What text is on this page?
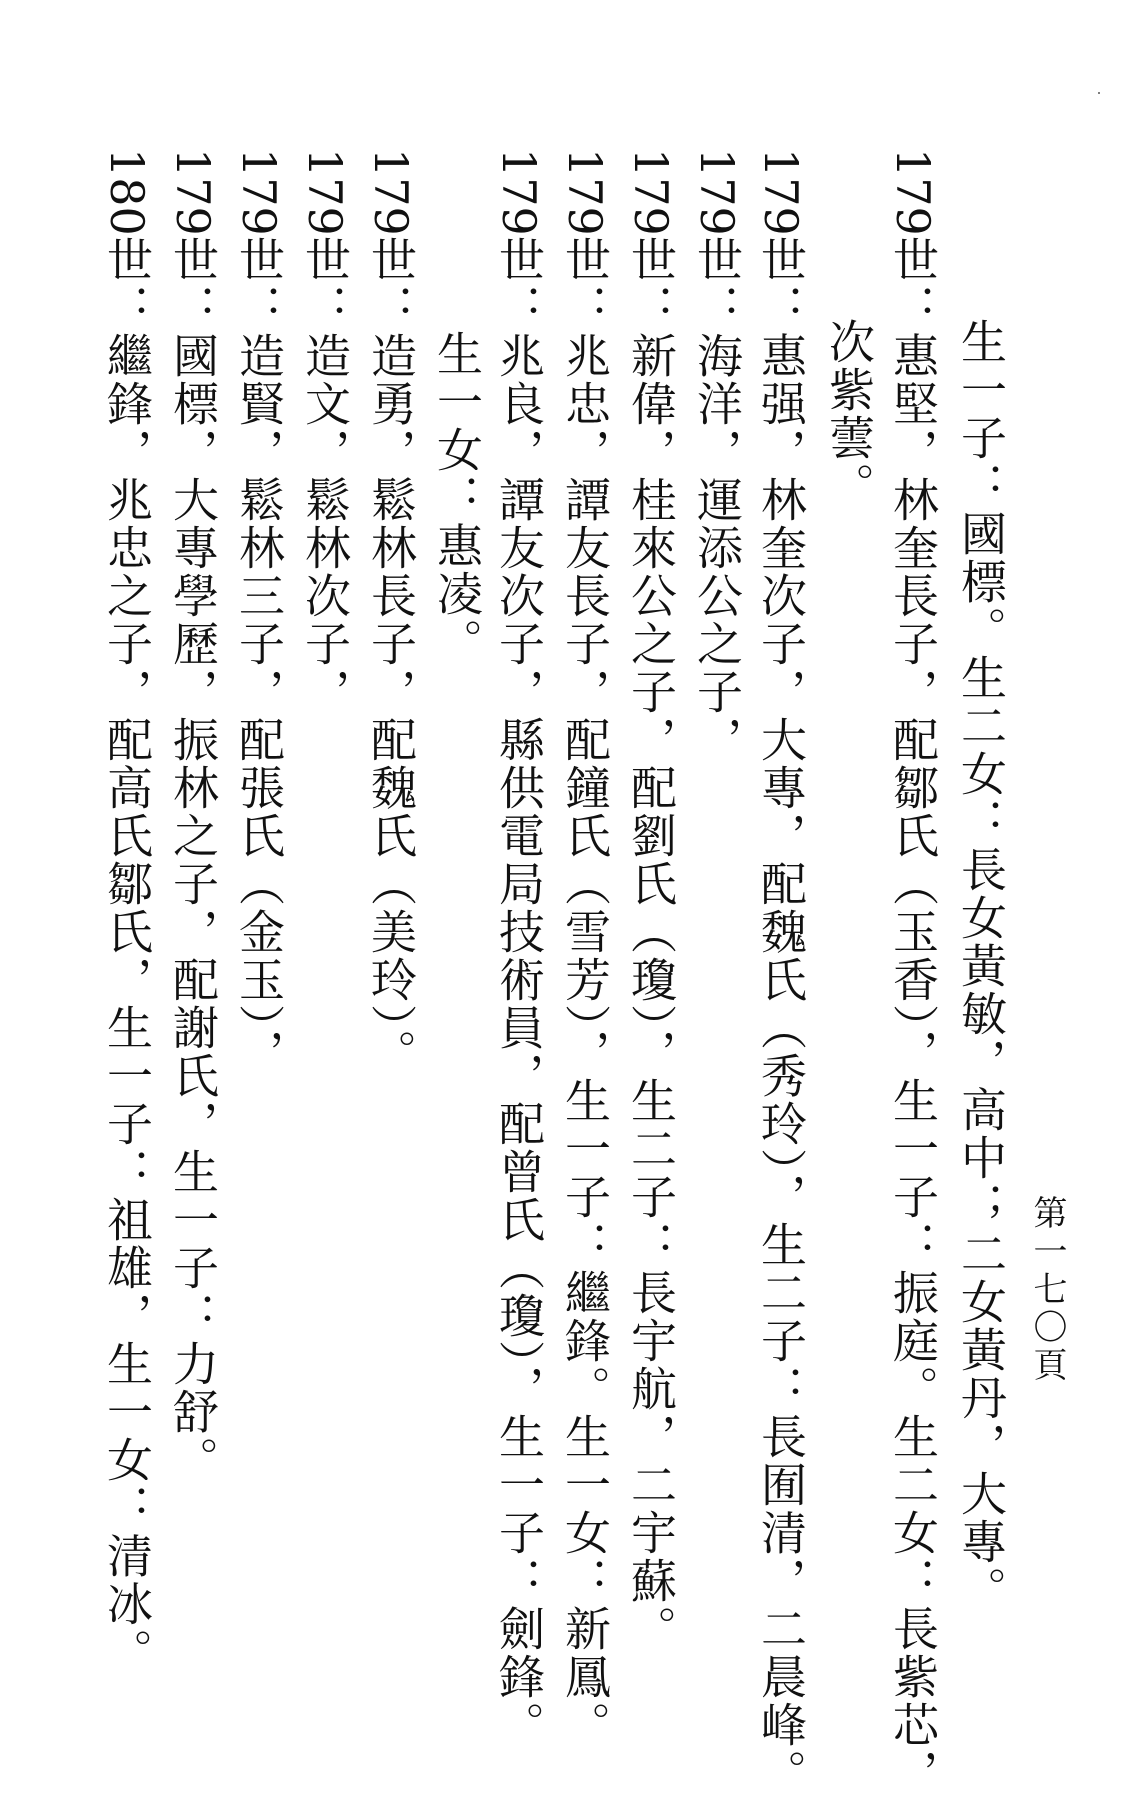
第一七〇頁
生一子：國標。生二女：長女黃敏，高中；二女黃丹，大專。
179世：惠堅，林奎長子，配鄒氏（玉香），生一子：振庭。生二女：長紫芯，
次紫蕓。
179世：惠强，林奎次子，大專，配魏氏（秀玲），生二子：長囿清，二晨峰。
179世：海洋，運添公之子，
179世：新偉，桂來公之子，配劉氏（瓊），生二子：長宇航，二宇蘇。
179世：兆忠，譚友長子，配鐘氏（雪芳），生一子：繼鋒。生一女：新鳳。
179世：兆良，譚友次子，縣供電局技術員，配曾氏（瓊），生一子：劍鋒。
生一女：惠凌。
179世：造勇，鬆林長子，配魏氏（美玲）。
179世：造文，鬆林次子，
179世：造賢，鬆林三子，配張氏（金玉），
179世：國標，大專學歷，振林之子，配謝氏，生一子：力舒。
180世：繼鋒，兆忠之子，配高氏鄒氏，生一子：祖雄，生一女：清冰。
